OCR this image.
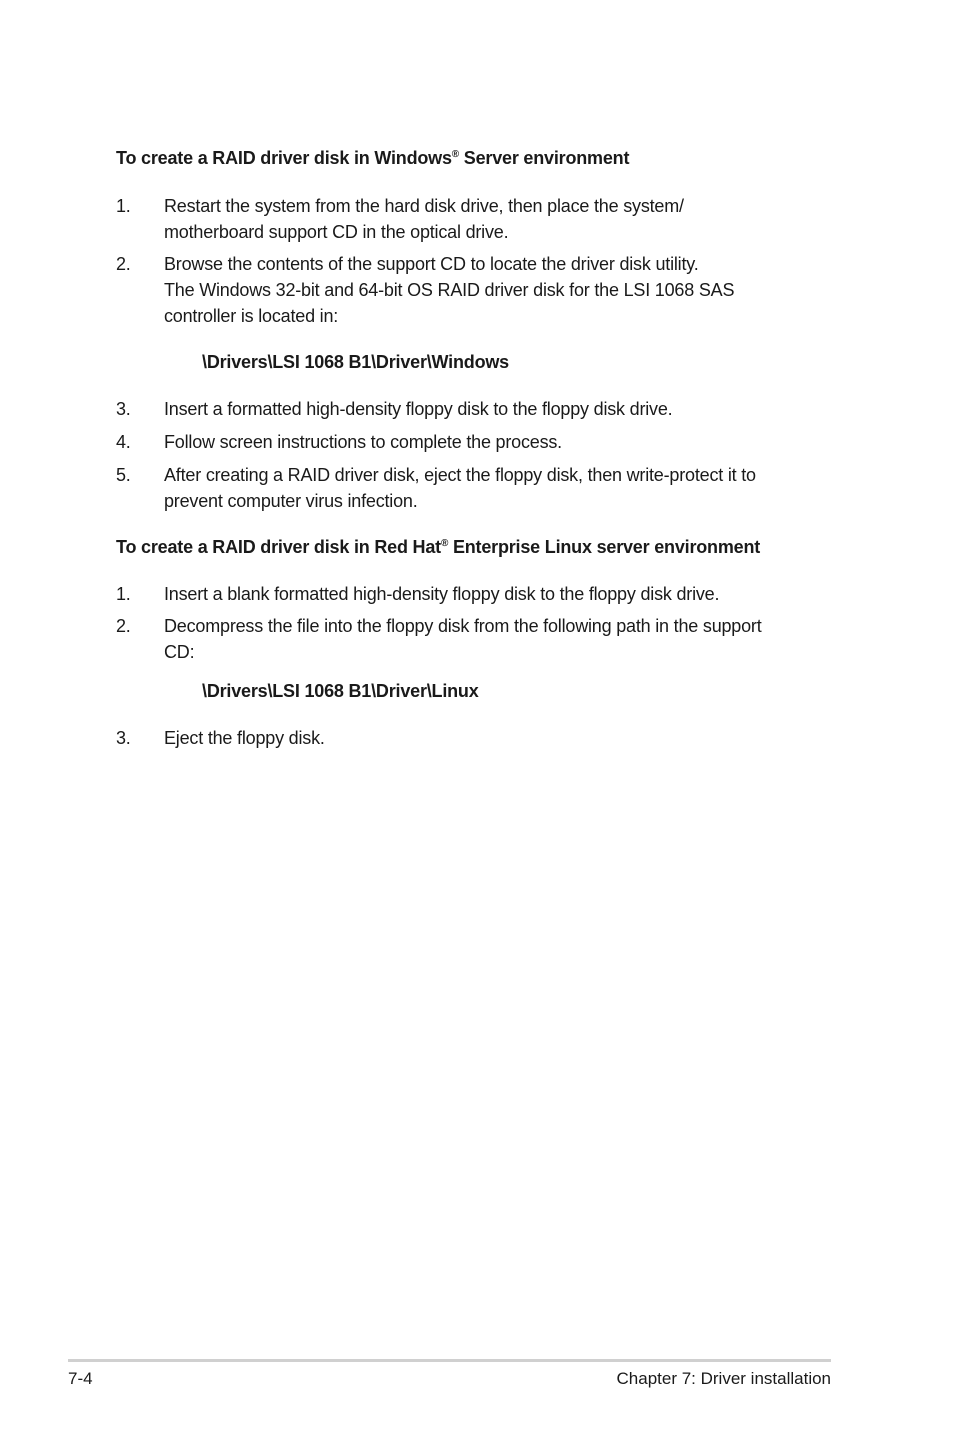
To create a RAID driver disk in Windows® Server environment
1. Restart the system from the hard disk drive, then place the system/
motherboard support CD in the optical drive.
2. Browse the contents of the support CD to locate the driver disk utility.
The Windows 32-bit and 64-bit OS RAID driver disk for the LSI 1068 SAS
controller is located in:
\Drivers\LSI 1068 B1\Driver\Windows
3. Insert a formatted high-density floppy disk to the floppy disk drive.
4. Follow screen instructions to complete the process.
5. After creating a RAID driver disk, eject the floppy disk, then write-protect it to
prevent computer virus infection.
To create a RAID driver disk in Red Hat® Enterprise Linux server environment
1. Insert a blank formatted high-density floppy disk to the floppy disk drive.
2. Decompress the file into the floppy disk from the following path in the support
CD:
\Drivers\LSI 1068 B1\Driver\Linux
3. Eject the floppy disk.
7-4	Chapter 7: Driver installation
